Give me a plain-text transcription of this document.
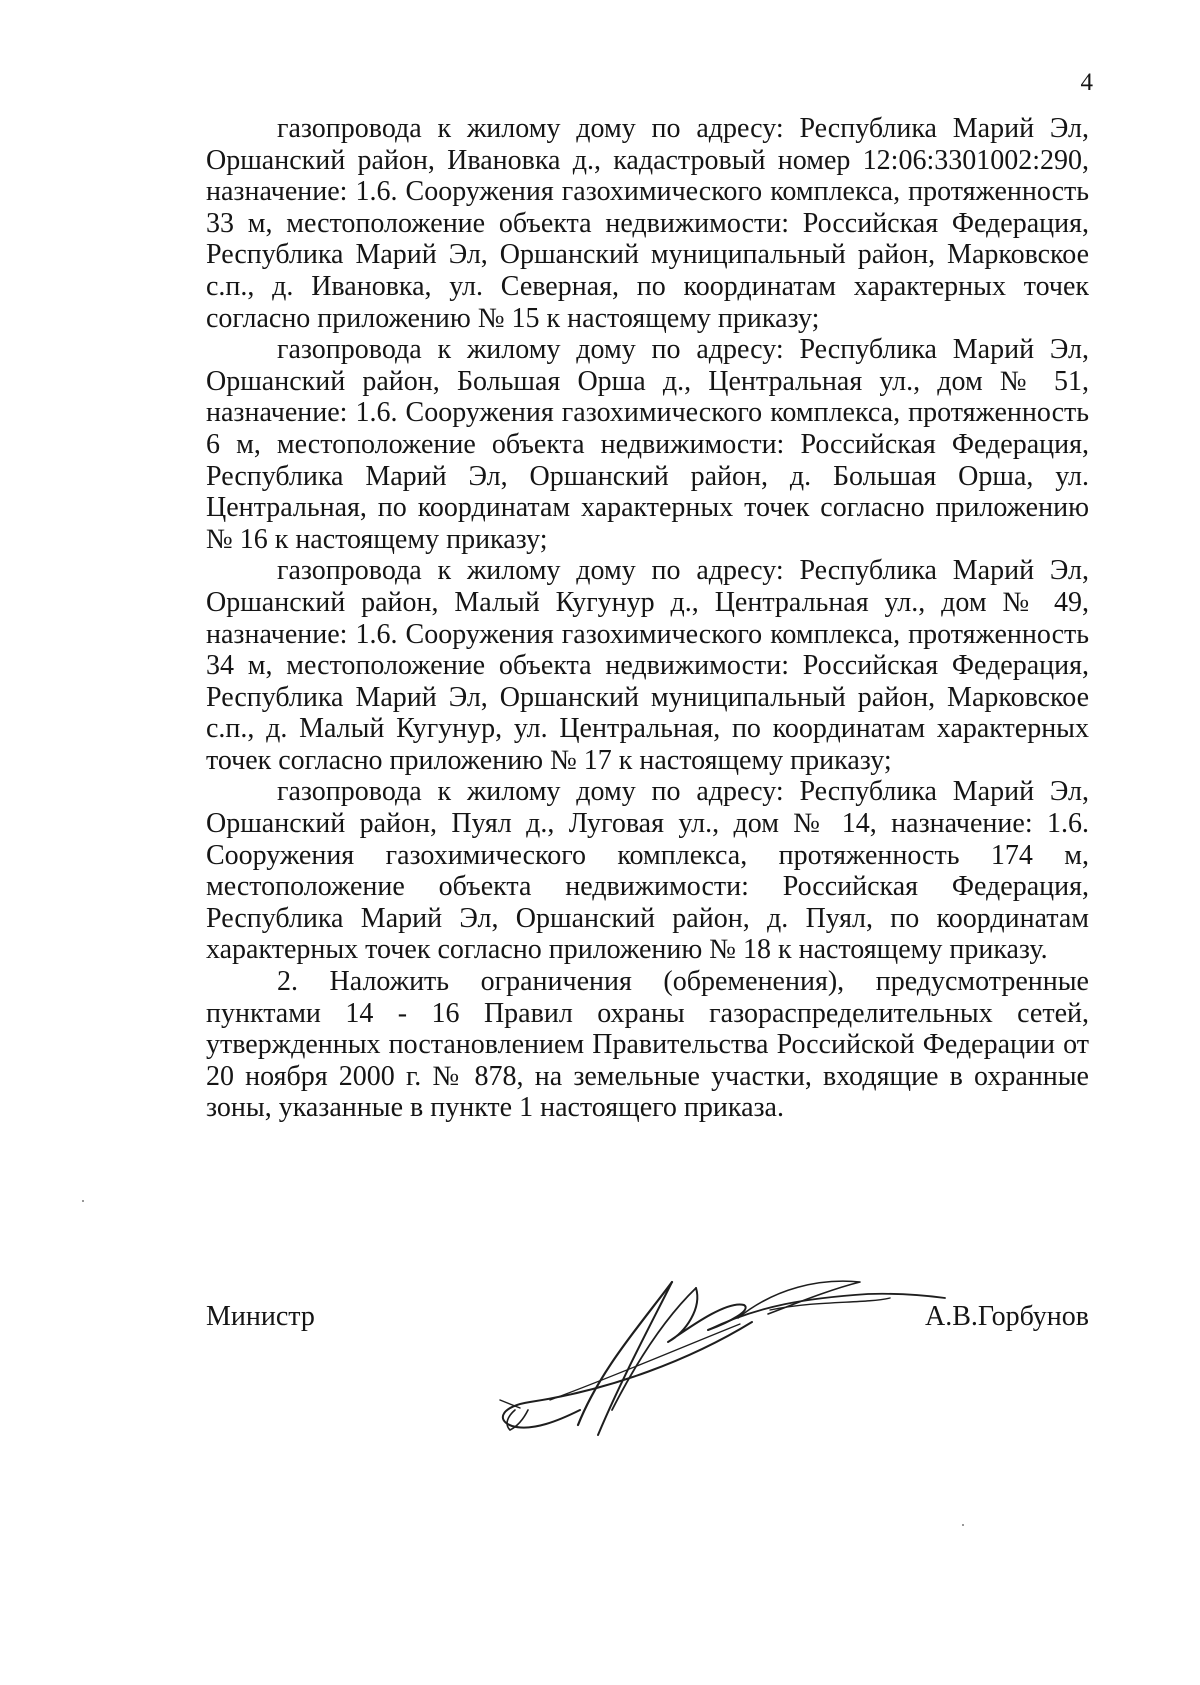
4

газопровода к жилому дому по адресу: Республика Марий Эл, Оршанский район, Ивановка д., кадастровый номер 12:06:3301002:290, назначение: 1.6. Сооружения газохимического комплекса, протяженность 33 м, местоположение объекта недвижимости: Российская Федерация, Республика Марий Эл, Оршанский муниципальный район, Марковское с.п., д. Ивановка, ул. Северная, по координатам характерных точек согласно приложению № 15 к настоящему приказу;

газопровода к жилому дому по адресу: Республика Марий Эл, Оршанский район, Большая Орша д., Центральная ул., дом № 51, назначение: 1.6. Сооружения газохимического комплекса, протяженность 6 м, местоположение объекта недвижимости: Российская Федерация, Республика Марий Эл, Оршанский район, д. Большая Орша, ул. Центральная, по координатам характерных точек согласно приложению № 16 к настоящему приказу;

газопровода к жилому дому по адресу: Республика Марий Эл, Оршанский район, Малый Кугунур д., Центральная ул., дом № 49, назначение: 1.6. Сооружения газохимического комплекса, протяженность 34 м, местоположение объекта недвижимости: Российская Федерация, Республика Марий Эл, Оршанский муниципальный район, Марковское с.п., д. Малый Кугунур, ул. Центральная, по координатам характерных точек согласно приложению № 17 к настоящему приказу;

газопровода к жилому дому по адресу: Республика Марий Эл, Оршанский район, Пуял д., Луговая ул., дом № 14, назначение: 1.6. Сооружения газохимического комплекса, протяженность 174 м, местоположение объекта недвижимости: Российская Федерация, Республика Марий Эл, Оршанский район, д. Пуял, по координатам характерных точек согласно приложению № 18 к настоящему приказу.

2. Наложить ограничения (обременения), предусмотренные пунктами 14 - 16 Правил охраны газораспределительных сетей, утвержденных постановлением Правительства Российской Федерации от 20 ноября 2000 г. № 878, на земельные участки, входящие в охранные зоны, указанные в пункте 1 настоящего приказа.

Министр	А.В.Горбунов
